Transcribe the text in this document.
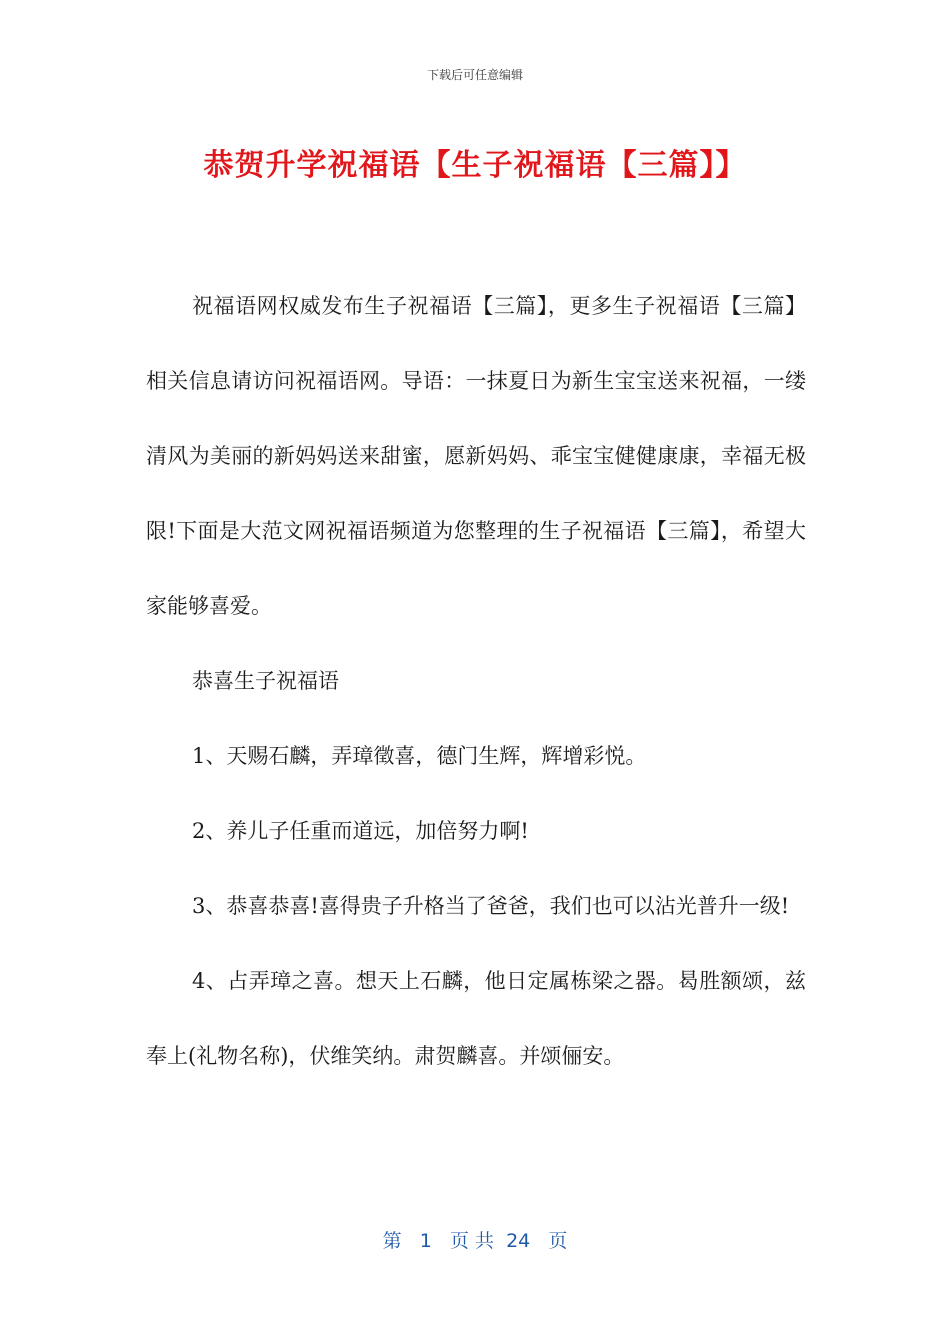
下载后可任意编辑
恭贺升学祝福语【生子祝福语【三篇】】

祝福语网权威发布生子祝福语【三篇】，更多生子祝福语【三篇】相关信息请访问祝福语网。导语：一抹夏日为新生宝宝送来祝福，一缕清风为美丽的新妈妈送来甜蜜，愿新妈妈、乖宝宝健健康康，幸福无极限!下面是大范文网祝福语频道为您整理的生子祝福语【三篇】，希望大家能够喜爱。

恭喜生子祝福语

1、天赐石麟，弄璋徵喜，德门生辉，辉增彩悦。

2、养儿子任重而道远，加倍努力啊!

3、恭喜恭喜!喜得贵子升格当了爸爸，我们也可以沾光普升一级!

4、占弄璋之喜。想天上石麟，他日定属栋梁之器。曷胜额颂，兹奉上(礼物名称)，伏维笑纳。肃贺麟喜。并颂俪安。

第 1 页 共 24 页
